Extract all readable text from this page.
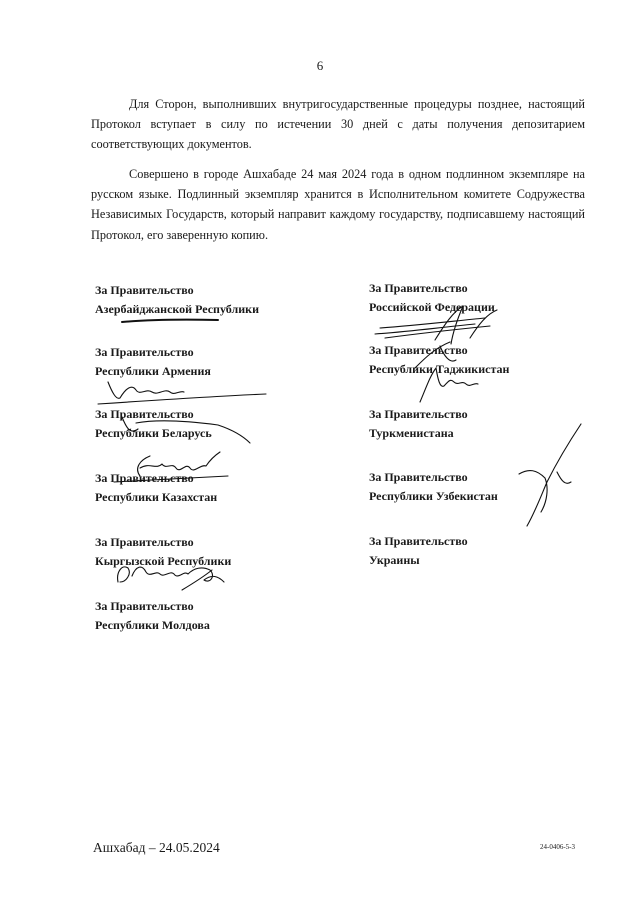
6

Для Сторон, выполнивших внутригосударственные процедуры позднее, настоящий Протокол вступает в силу по истечении 30 дней с даты получения депозитарием соответствующих документов.

Совершено в городе Ашхабаде 24 мая 2024 года в одном подлинном экземпляре на русском языке. Подлинный экземпляр хранится в Исполнительном комитете Содружества Независимых Государств, который направит каждому государству, подписавшему настоящий Протокол, его заверенную копию.

За Правительство
Азербайджанской Республики
За Правительство
Республики Армения
За Правительство
Республики Беларусь
За Правительство
Республики Казахстан
За Правительство
Кыргызской Республики
За Правительство
Республики Молдова
За Правительство
Российской Федерации
За Правительство
Республики Таджикистан
За Правительство
Туркменистана
За Правительство
Республики Узбекистан
За Правительство
Украины
Ашхабад – 24.05.2024	24-0406-5-3
